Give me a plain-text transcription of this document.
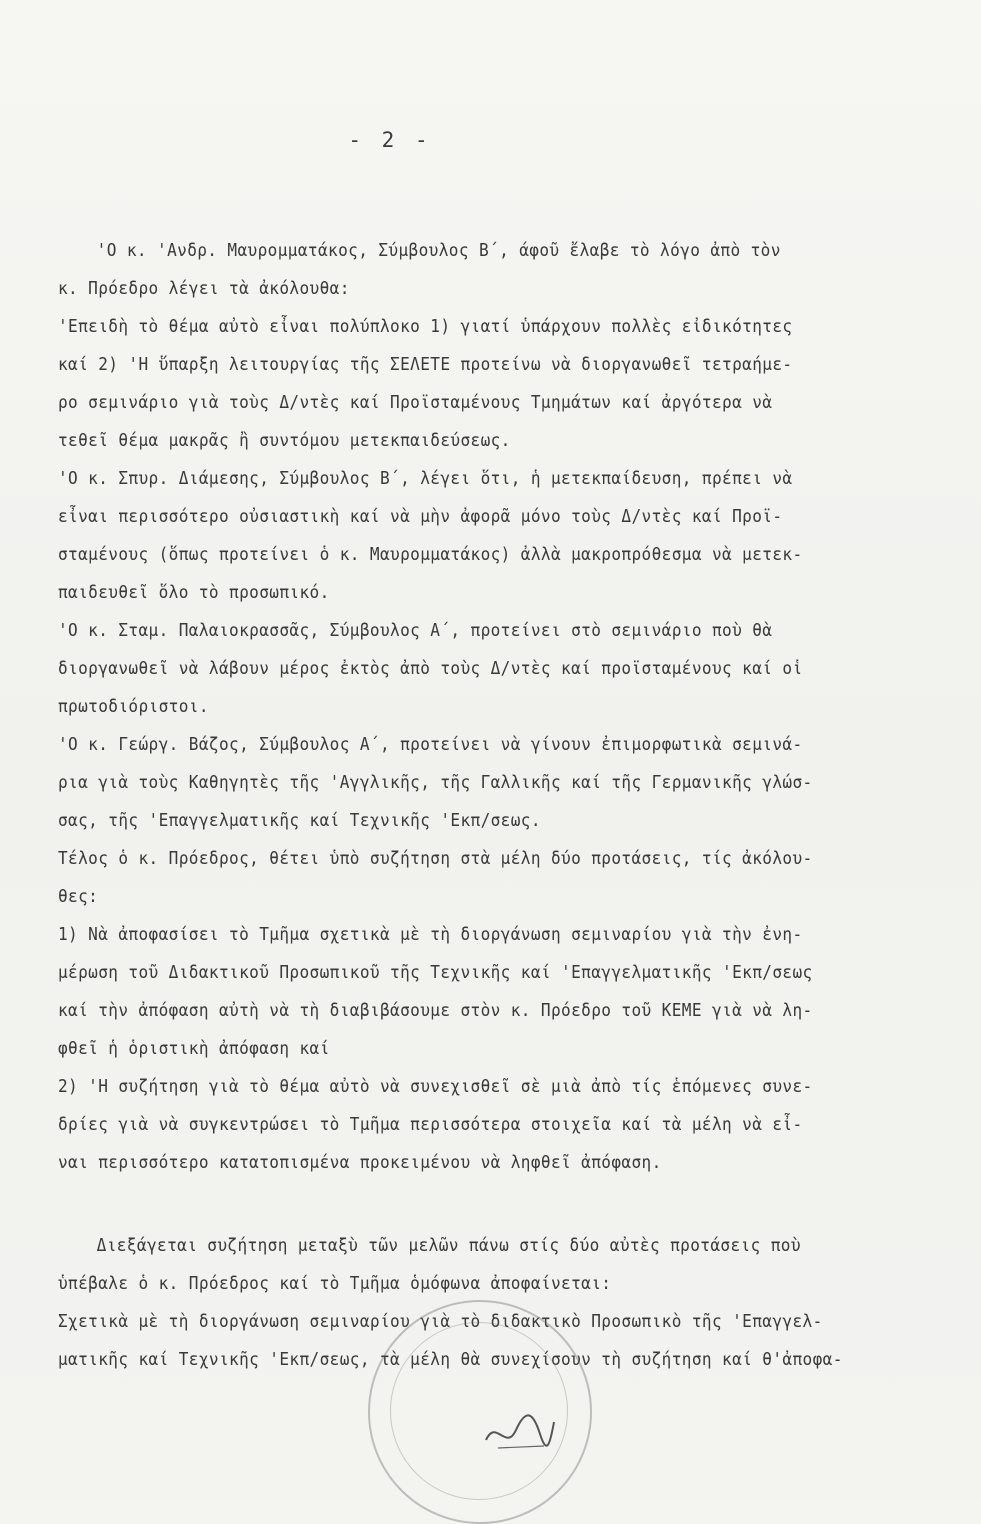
- 2 -
'Ο κ. 'Ανδρ. Μαυρομματάκος, Σύμβουλος Β΄, άφοῦ ἔλαβε τὸ λόγο ἀπὸ τὸν
κ. Πρόεδρο λέγει τὰ ἀκόλουθα:
'Επειδὴ τὸ θέμα αὐτὸ εἶναι πολύπλοκο 1) γιατί ὑπάρχουν πολλὲς εἰδικότητες
καί 2) 'Η ὕπαρξη λειτουργίας τῆς ΣΕΛΕΤΕ προτείνω νὰ διοργανωθεῖ τετραήμε-
ρο σεμινάριο γιὰ τοὺς Δ/ντὲς καί Προϊσταμένους Τμημάτων καί ἀργότερα νὰ
τεθεῖ θέμα μακρᾶς ἢ συντόμου μετεκπαιδεύσεως.
'Ο κ. Σπυρ. Διάμεσης, Σύμβουλος Β΄, λέγει ὅτι, ἡ μετεκπαίδευση, πρέπει νὰ
εἶναι περισσότερο οὐσιαστικὴ καί νὰ μὴν ἀφορᾶ μόνο τοὺς Δ/ντὲς καί Προϊ-
σταμένους (ὅπως προτείνει ὁ κ. Μαυρομματάκος) ἀλλὰ μακροπρόθεσμα νὰ μετεκ-
παιδευθεῖ ὅλο τὸ προσωπικό.
'Ο κ. Σταμ. Παλαιοκρασσᾶς, Σύμβουλος Α΄, προτείνει στὸ σεμινάριο ποὺ θὰ
διοργανωθεῖ νὰ λάβουν μέρος ἐκτὸς ἀπὸ τοὺς Δ/ντὲς καί προϊσταμένους καί οἱ
πρωτοδιόριστοι.
'Ο κ. Γεώργ. Βάζος, Σύμβουλος Α΄, προτείνει νὰ γίνουν ἐπιμορφωτικὰ σεμινά-
ρια γιὰ τοὺς Καθηγητὲς τῆς 'Αγγλικῆς, τῆς Γαλλικῆς καί τῆς Γερμανικῆς γλώσ-
σας, τῆς 'Επαγγελματικῆς καί Τεχνικῆς 'Εκπ/σεως.
Τέλος ὁ κ. Πρόεδρος, θέτει ὑπὸ συζήτηση στὰ μέλη δύο προτάσεις, τίς ἀκόλου-
θες:
1) Νὰ ἀποφασίσει τὸ Τμῆμα σχετικὰ μὲ τὴ διοργάνωση σεμιναρίου γιὰ τὴν ἐνη-
μέρωση τοῦ Διδακτικοῦ Προσωπικοῦ τῆς Τεχνικῆς καί 'Επαγγελματικῆς 'Εκπ/σεως
καί τὴν ἀπόφαση αὐτὴ νὰ τὴ διαβιβάσουμε στὸν κ. Πρόεδρο τοῦ ΚΕΜΕ γιὰ νὰ λη-
φθεῖ ἡ ὁριστικὴ ἀπόφαση καί
2) 'Η συζήτηση γιὰ τὸ θέμα αὐτὸ νὰ συνεχισθεῖ σὲ μιὰ ἀπὸ τίς ἑπόμενες συνε-
δρίες γιὰ νὰ συγκεντρώσει τὸ Τμῆμα περισσότερα στοιχεῖα καί τὰ μέλη νὰ εἶ-
ναι περισσότερο κατατοπισμένα προκειμένου νὰ ληφθεῖ ἀπόφαση.
Διεξάγεται συζήτηση μεταξὺ τῶν μελῶν πάνω στίς δύο αὐτὲς προτάσεις ποὺ
ὑπέβαλε ὁ κ. Πρόεδρος καί τὸ Τμῆμα ὁμόφωνα ἀποφαίνεται:
Σχετικὰ μὲ τὴ διοργάνωση σεμιναρίου γιὰ τὸ διδακτικὸ Προσωπικὸ τῆς 'Επαγγελ-
ματικῆς καί Τεχνικῆς 'Εκπ/σεως, τὰ μέλη θὰ συνεχίσουν τὴ συζήτηση καί θ'ἀποφα-
